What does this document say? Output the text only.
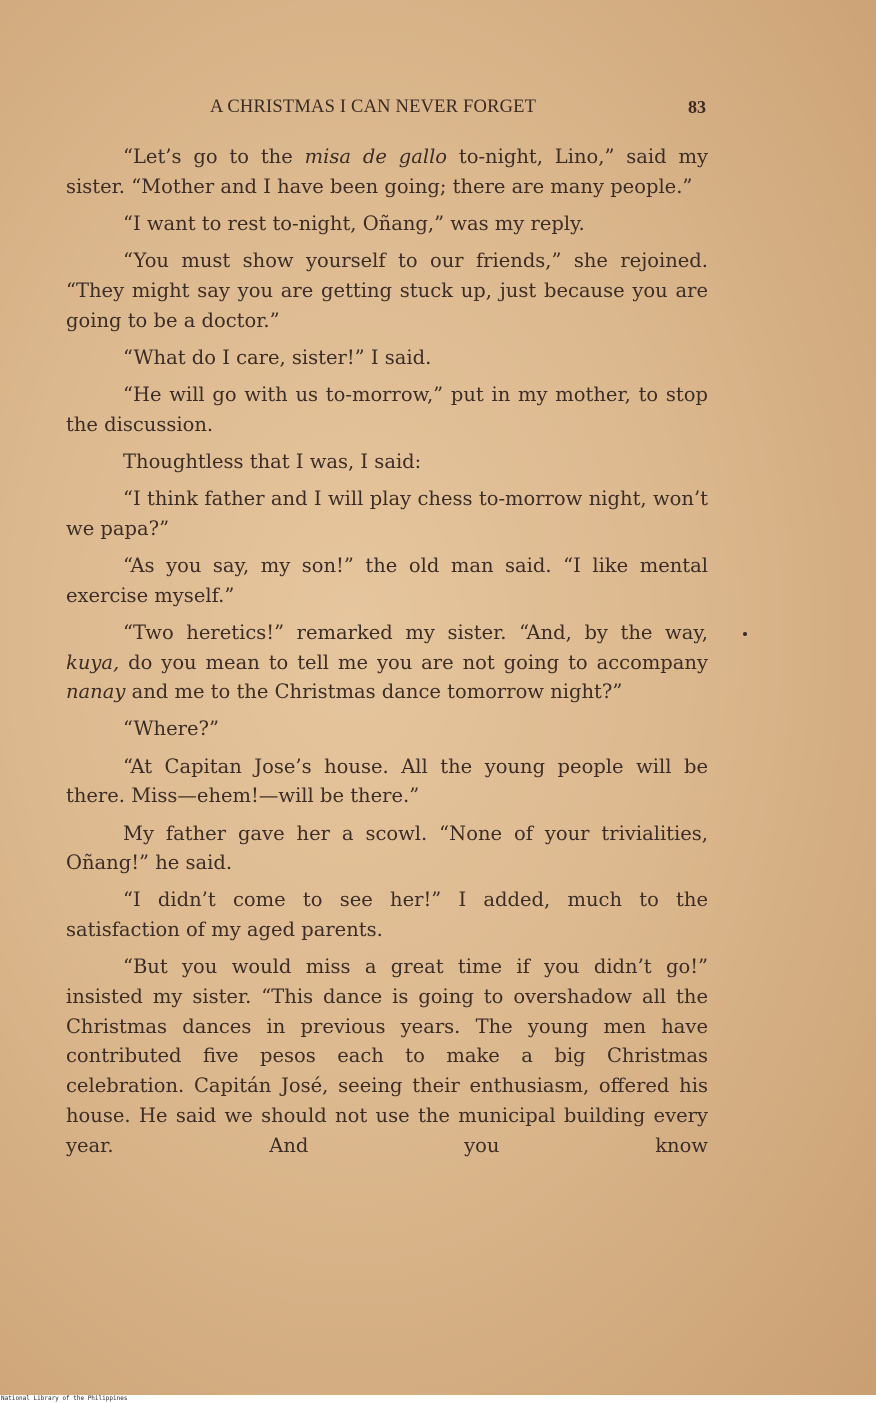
A CHRISTMAS I CAN NEVER FORGET	83

“Let’s go to the misa de gallo to-night, Lino,” said my sister. “Mother and I have been going; there are many people.”

“I want to rest to-night, Oñang,” was my reply.

“You must show yourself to our friends,” she rejoined. “They might say you are getting stuck up, just because you are going to be a doctor.”

“What do I care, sister!” I said.

“He will go with us to-morrow,” put in my mother, to stop the discussion.

Thoughtless that I was, I said:

“I think father and I will play chess to-morrow night, won’t we papa?”

“As you say, my son!” the old man said. “I like mental exercise myself.”

“Two heretics!” remarked my sister. “And, by the way, kuya, do you mean to tell me you are not going to accompany nanay and me to the Christmas dance tomorrow night?”

“Where?”

“At Capitan Jose’s house. All the young people will be there. Miss—ehem!—will be there.”

My father gave her a scowl. “None of your trivialities, Oñang!” he said.

“I didn’t come to see her!” I added, much to the satisfaction of my aged parents.

“But you would miss a great time if you didn’t go!” insisted my sister. “This dance is going to overshadow all the Christmas dances in previous years. The young men have contributed five pesos each to make a big Christmas celebration. Capitán José, seeing their enthusiasm, offered his house. He said we should not use the municipal building every year. And you know

National Library of the Philippines
